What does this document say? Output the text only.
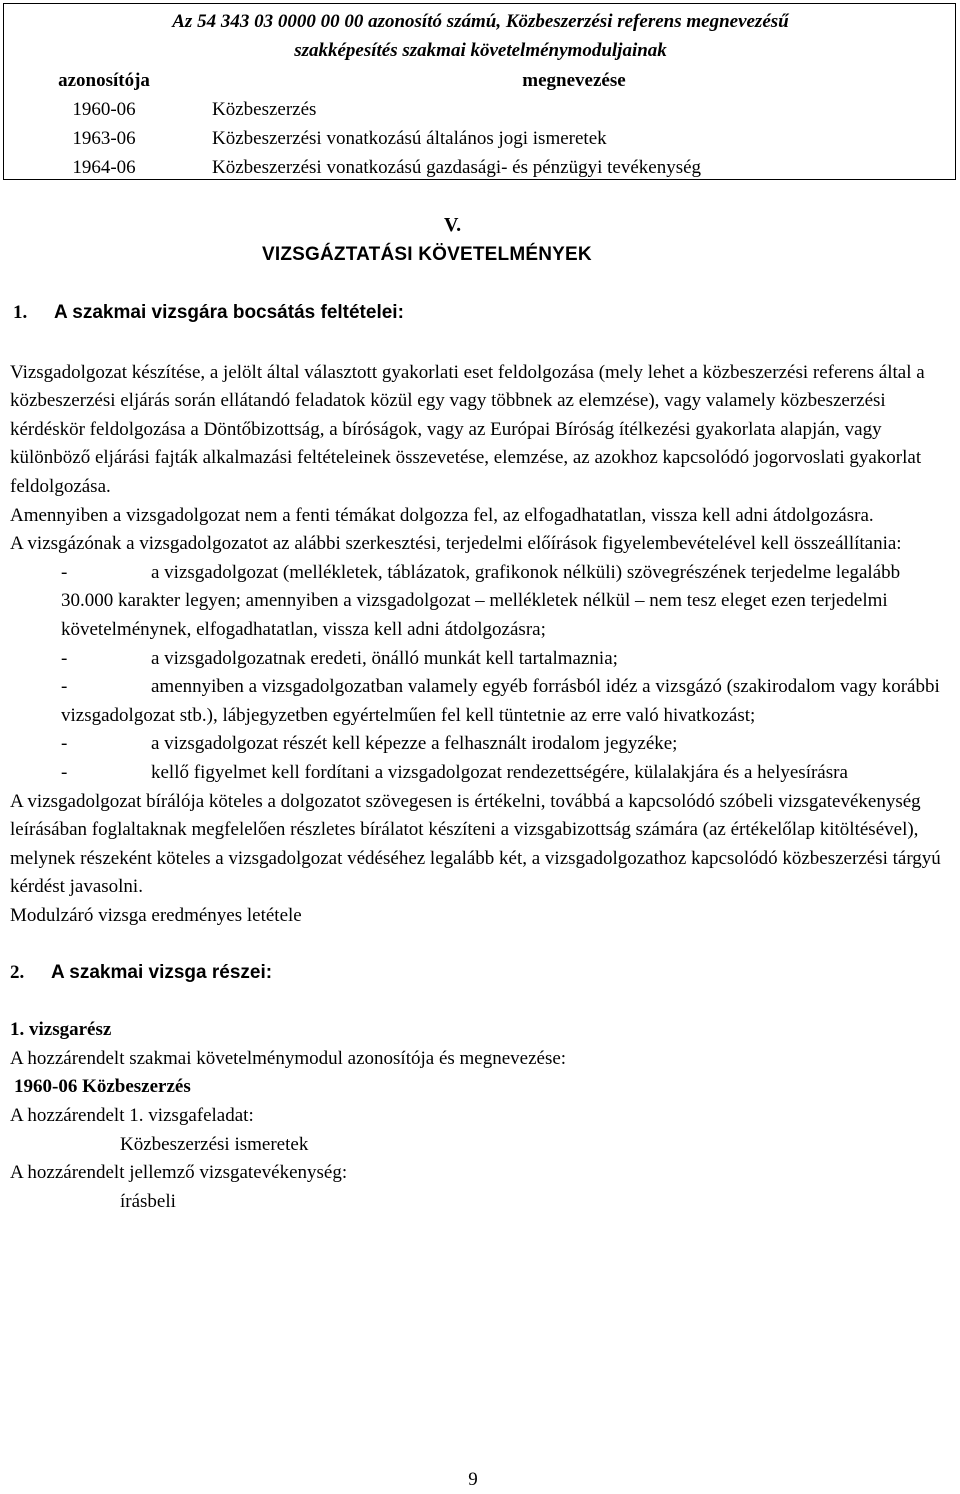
Az 54 343 03 0000 00 00 azonosító számú, Közbeszerzési referens megnevezésű
szakképesítés szakmai követelménymoduljainak
azonosítója	megnevezése
1960-06	Közbeszerzés
1963-06	Közbeszerzési vonatkozású általános jogi ismeretek
1964-06	Közbeszerzési vonatkozású gazdasági- és pénzügyi tevékenység
V.
VIZSGÁZTATÁSI KÖVETELMÉNYEK
1. A szakmai vizsgára bocsátás feltételei:

Vizsgadolgozat készítése, a jelölt által választott gyakorlati eset feldolgozása (mely lehet a közbeszerzési referens által a közbeszerzési eljárás során ellátandó feladatok közül egy vagy többnek az elemzése), vagy valamely közbeszerzési kérdéskör feldolgozása a Döntőbizottság, a bíróságok, vagy az Európai Bíróság ítélkezési gyakorlata alapján, vagy különböző eljárási fajták alkalmazási feltételeinek összevetése, elemzése, az azokhoz kapcsolódó jogorvoslati gyakorlat feldolgozása.

Amennyiben a vizsgadolgozat nem a fenti témákat dolgozza fel, az elfogadhatatlan, vissza kell adni átdolgozásra.

A vizsgázónak a vizsgadolgozatot az alábbi szerkesztési, terjedelmi előírások figyelembevételével kell összeállítania:

-	a vizsgadolgozat (mellékletek, táblázatok, grafikonok nélküli) szövegrészének terjedelme legalább 30.000 karakter legyen; amennyiben a vizsgadolgozat – mellékletek nélkül – nem tesz eleget ezen terjedelmi követelménynek, elfogadhatatlan, vissza kell adni átdolgozásra;
-	a vizsgadolgozatnak eredeti, önálló munkát kell tartalmaznia;
-	amennyiben a vizsgadolgozatban valamely egyéb forrásból idéz a vizsgázó (szakirodalom vagy korábbi vizsgadolgozat stb.), lábjegyzetben egyértelműen fel kell tüntetnie az erre való hivatkozást;
-	a vizsgadolgozat részét kell képezze a felhasznált irodalom jegyzéke;
-	kellő figyelmet kell fordítani a vizsgadolgozat rendezettségére, külalakjára és a helyesírásra

A vizsgadolgozat bírálója köteles a dolgozatot szövegesen is értékelni, továbbá a kapcsolódó szóbeli vizsgatevékenység leírásában foglaltaknak megfelelően részletes bírálatot készíteni a vizsgabizottság számára (az értékelőlap kitöltésével), melynek részeként köteles a vizsgadolgozat védéséhez legalább két, a vizsgadolgozathoz kapcsolódó közbeszerzési tárgyú kérdést javasolni.

Modulzáró vizsga eredményes letétele

2. A szakmai vizsga részei:

1. vizsgarész

A hozzárendelt szakmai követelménymodul azonosítója és megnevezése:

1960-06 Közbeszerzés

A hozzárendelt 1. vizsgafeladat:

Közbeszerzési ismeretek

A hozzárendelt jellemző vizsgatevékenység:

írásbeli

9
